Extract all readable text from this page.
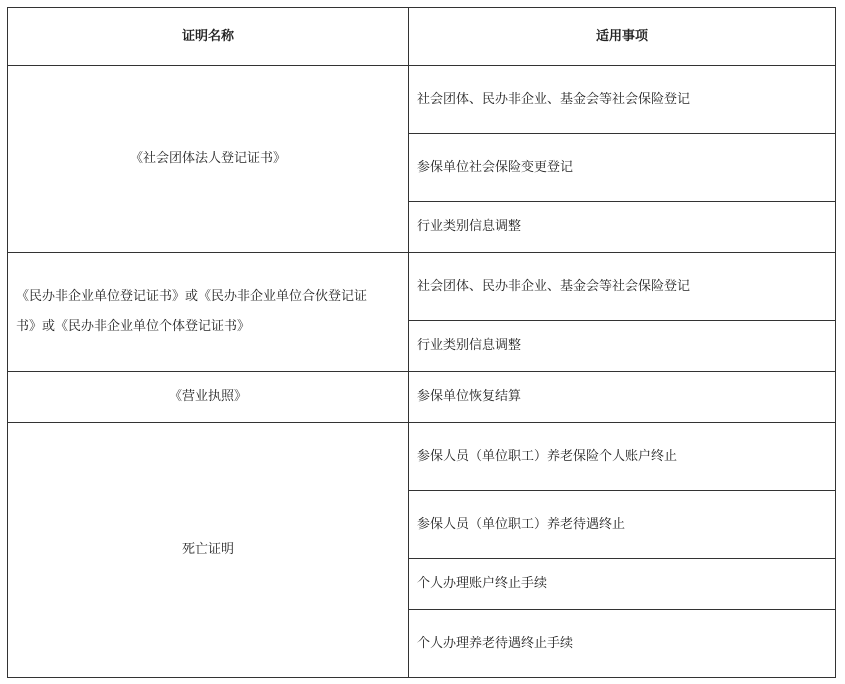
证明名称	适用事项
《社会团体法人登记证书》	社会团体、民办非企业、基金会等社会保险登记
	参保单位社会保险变更登记
	行业类别信息调整

《民办非企业单位登记证书》或《民办非企业单位合伙登记证
书》或《民办非企业单位个体登记证书》	社会团体、民办非企业、基金会等社会保险登记
	行业类别信息调整
《营业执照》	参保单位恢复结算
死亡证明	参保人员（单位职工）养老保险个人账户终止
	参保人员（单位职工）养老待遇终止
	个人办理账户终止手续
	个人办理养老待遇终止手续
